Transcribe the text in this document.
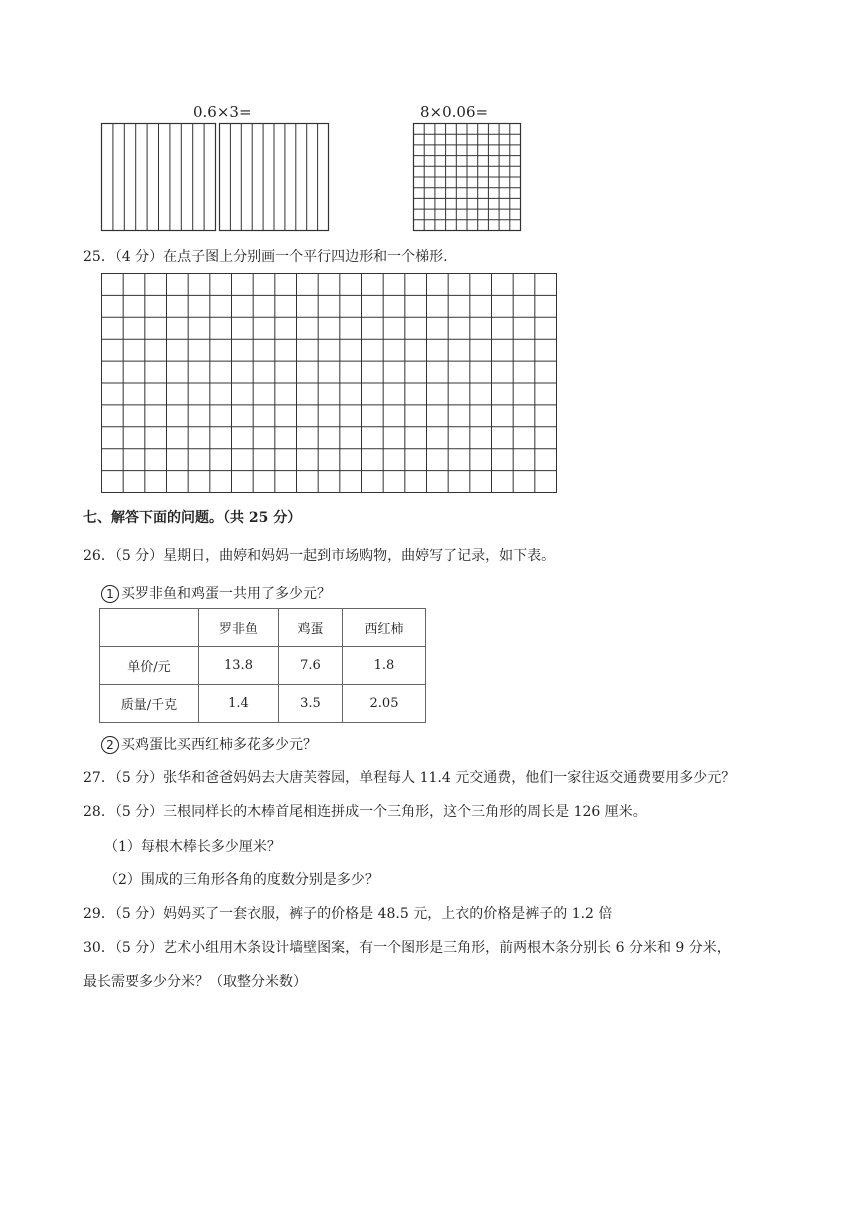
0.6×3=	8×0.06=
25．（4 分）在点子图上分别画一个平行四边形和一个梯形.
七、解答下面的问题。（共 25 分）
26．（5 分）星期日，曲婷和妈妈一起到市场购物，曲婷写了记录，如下表。
1 买罗非鱼和鸡蛋一共用了多少元？
	罗非鱼	鸡蛋	西红柿
单价/元	13.8	7.6	1.8
质量/千克	1.4	3.5	2.05
2 买鸡蛋比买西红柿多花多少元？
27．（5 分）张华和爸爸妈妈去大唐芙蓉园，单程每人 11.4 元交通费，他们一家往返交通费要用多少元？
28．（5 分）三根同样长的木棒首尾相连拼成一个三角形，这个三角形的周长是 126 厘米。
（1）每根木棒长多少厘米？
（2）围成的三角形各角的度数分别是多少？
29．（5 分）妈妈买了一套衣服，裤子的价格是 48.5 元，上衣的价格是裤子的 1.2 倍
30．（5 分）艺术小组用木条设计墙壁图案，有一个图形是三角形，前两根木条分别长 6 分米和 9 分米，
最长需要多少分米？（取整分米数）
